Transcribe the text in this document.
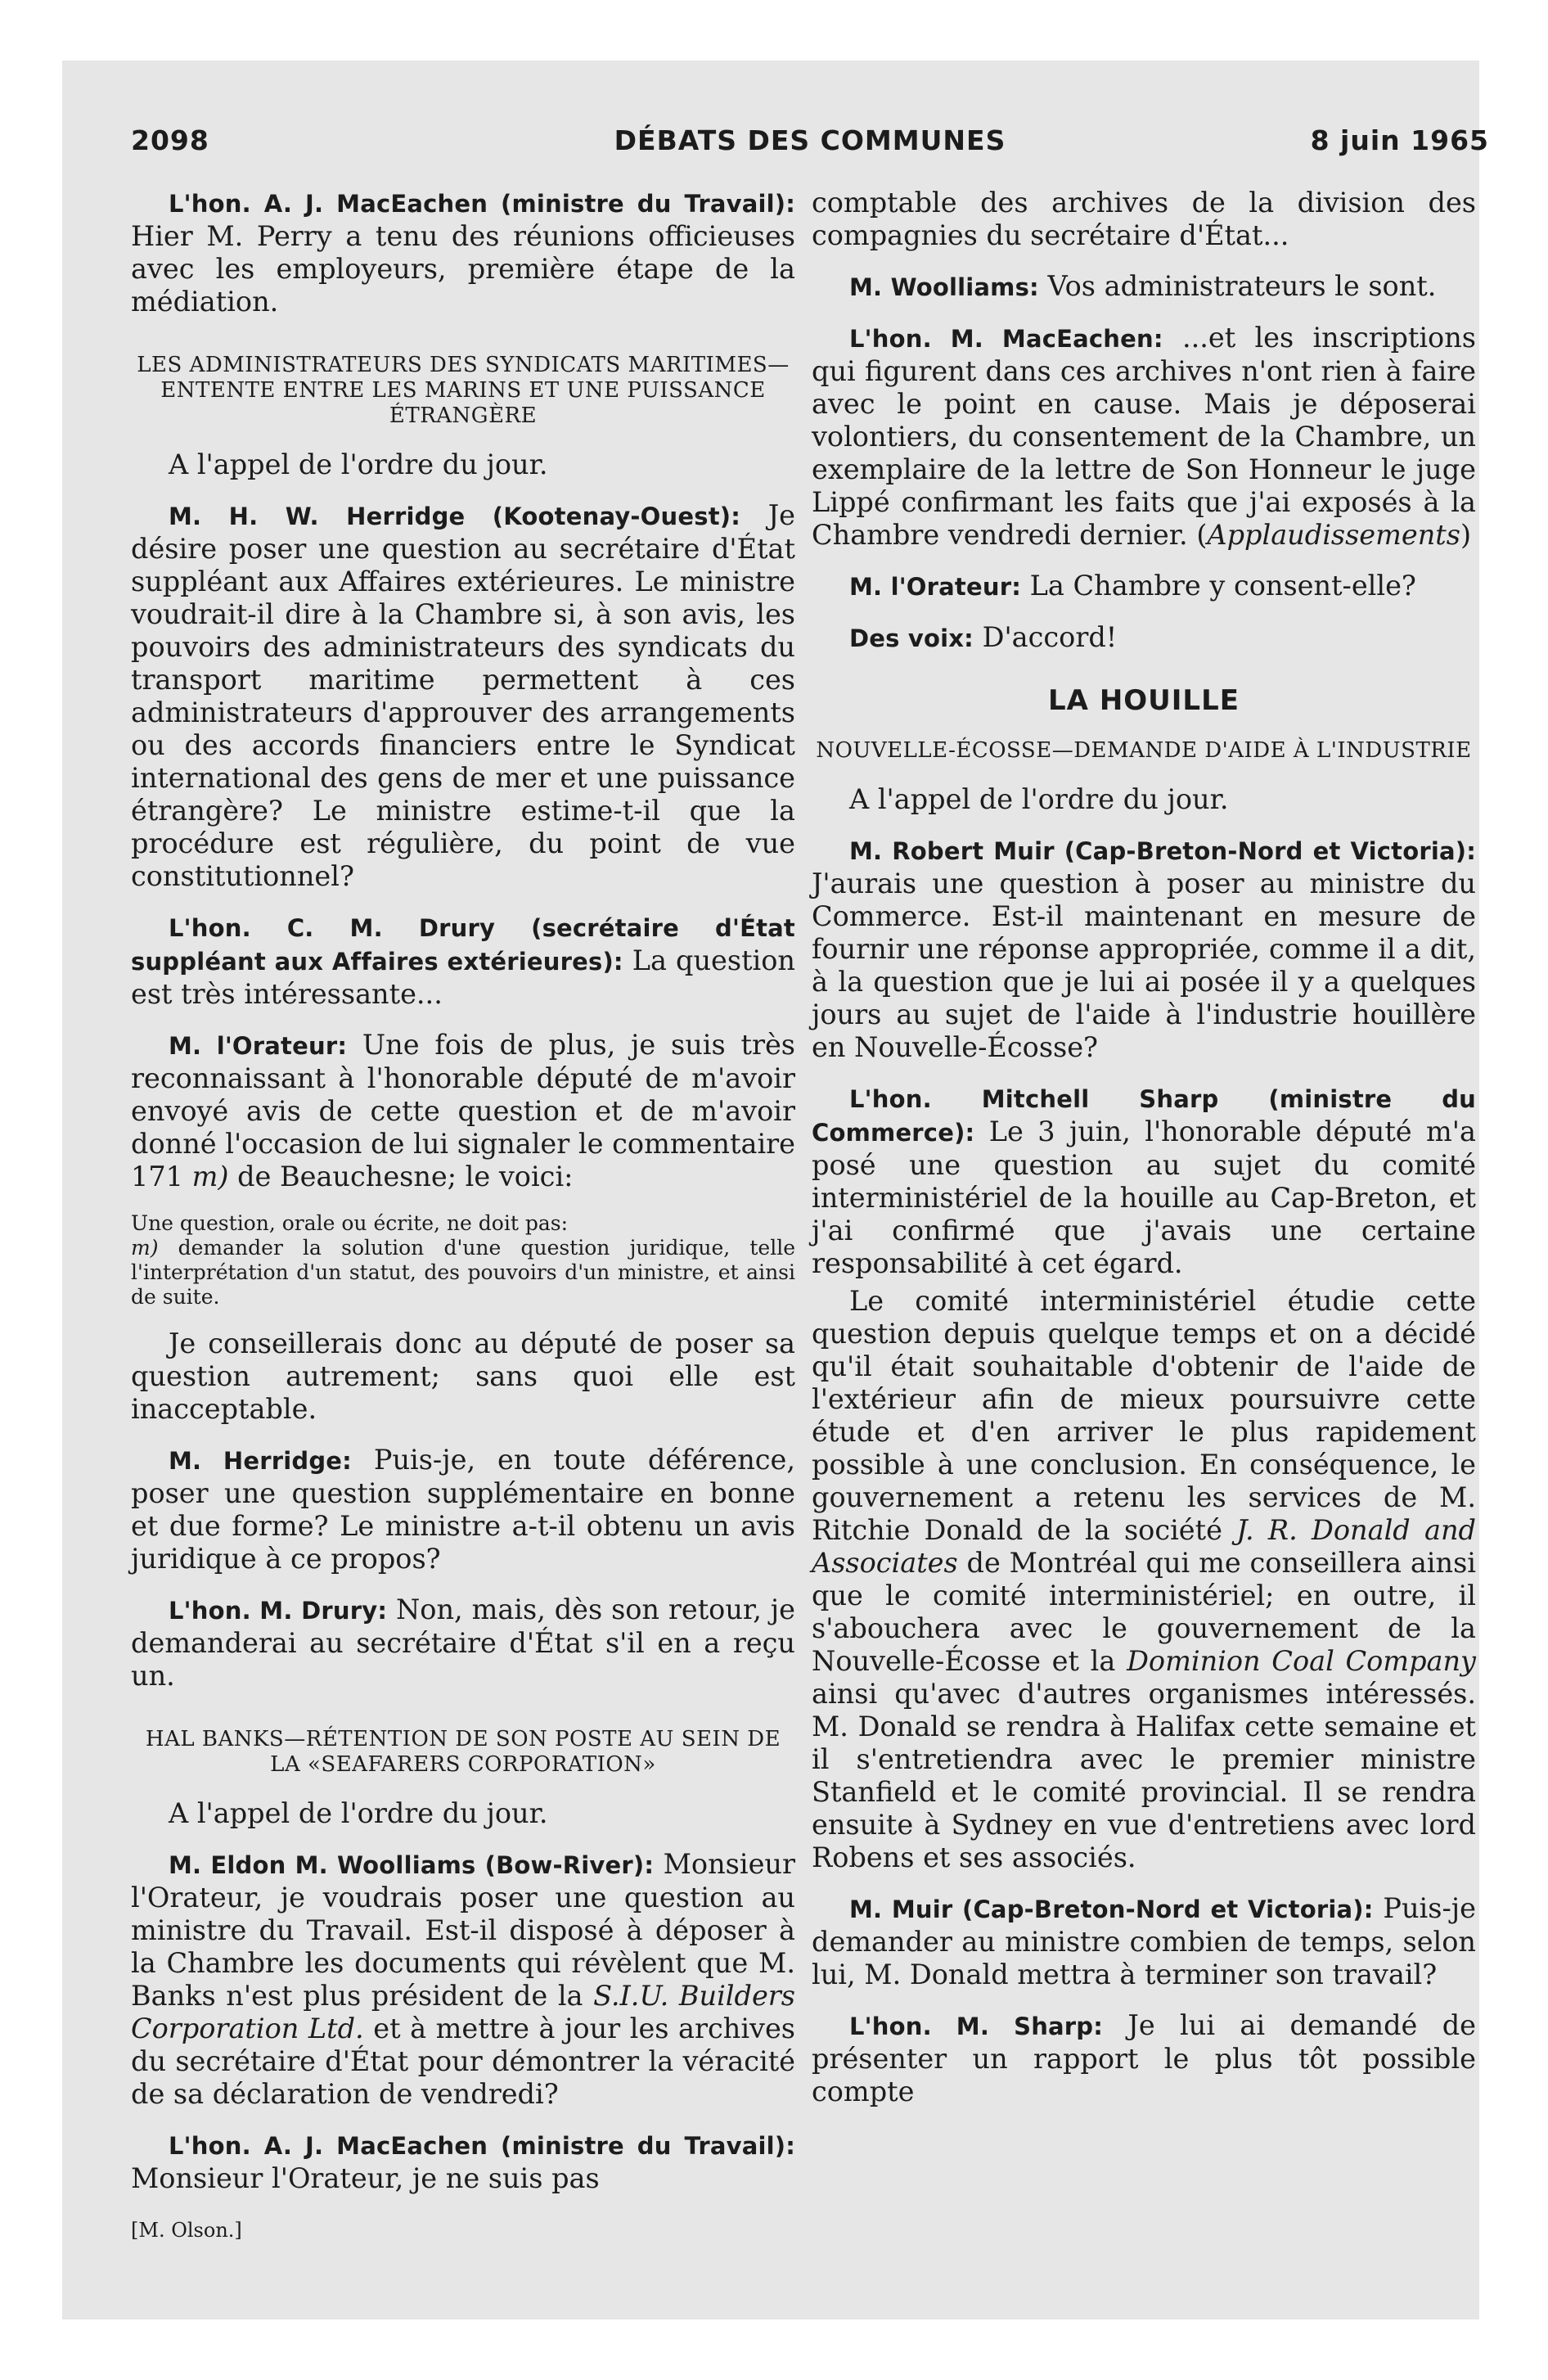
2098	DÉBATS DES COMMUNES	8 juin 1965

L'hon. A. J. MacEachen (ministre du Travail): Hier M. Perry a tenu des réunions officieuses avec les employeurs, première étape de la médiation.

LES ADMINISTRATEURS DES SYNDICATS MARITIMES—ENTENTE ENTRE LES MARINS ET UNE PUISSANCE ÉTRANGÈRE

A l'appel de l'ordre du jour.

M. H. W. Herridge (Kootenay-Ouest): Je désire poser une question au secrétaire d'État suppléant aux Affaires extérieures. Le ministre voudrait-il dire à la Chambre si, à son avis, les pouvoirs des administrateurs des syndicats du transport maritime permettent à ces administrateurs d'approuver des arrangements ou des accords financiers entre le Syndicat international des gens de mer et une puissance étrangère? Le ministre estime-t-il que la procédure est régulière, du point de vue constitutionnel?

L'hon. C. M. Drury (secrétaire d'État suppléant aux Affaires extérieures): La question est très intéressante...

M. l'Orateur: Une fois de plus, je suis très reconnaissant à l'honorable député de m'avoir envoyé avis de cette question et de m'avoir donné l'occasion de lui signaler le commentaire 171 m) de Beauchesne; le voici:

Une question, orale ou écrite, ne doit pas:

m) demander la solution d'une question juridique, telle l'interprétation d'un statut, des pouvoirs d'un ministre, et ainsi de suite.

Je conseillerais donc au député de poser sa question autrement; sans quoi elle est inacceptable.

M. Herridge: Puis-je, en toute déférence, poser une question supplémentaire en bonne et due forme? Le ministre a-t-il obtenu un avis juridique à ce propos?

L'hon. M. Drury: Non, mais, dès son retour, je demanderai au secrétaire d'État s'il en a reçu un.

HAL BANKS—RÉTENTION DE SON POSTE AU SEIN DE LA «SEAFARERS CORPORATION»

A l'appel de l'ordre du jour.

M. Eldon M. Woolliams (Bow-River): Monsieur l'Orateur, je voudrais poser une question au ministre du Travail. Est-il disposé à déposer à la Chambre les documents qui révèlent que M. Banks n'est plus président de la S.I.U. Builders Corporation Ltd. et à mettre à jour les archives du secrétaire d'État pour démontrer la véracité de sa déclaration de vendredi?

L'hon. A. J. MacEachen (ministre du Travail): Monsieur l'Orateur, je ne suis pas

[M. Olson.]

comptable des archives de la division des compagnies du secrétaire d'État...

M. Woolliams: Vos administrateurs le sont.

L'hon. M. MacEachen: ...et les inscriptions qui figurent dans ces archives n'ont rien à faire avec le point en cause. Mais je déposerai volontiers, du consentement de la Chambre, un exemplaire de la lettre de Son Honneur le juge Lippé confirmant les faits que j'ai exposés à la Chambre vendredi dernier. (Applaudissements)

M. l'Orateur: La Chambre y consent-elle?

Des voix: D'accord!

LA HOUILLE

NOUVELLE-ÉCOSSE—DEMANDE D'AIDE À L'INDUSTRIE

A l'appel de l'ordre du jour.

M. Robert Muir (Cap-Breton-Nord et Victoria): J'aurais une question à poser au ministre du Commerce. Est-il maintenant en mesure de fournir une réponse appropriée, comme il a dit, à la question que je lui ai posée il y a quelques jours au sujet de l'aide à l'industrie houillère en Nouvelle-Écosse?

L'hon. Mitchell Sharp (ministre du Commerce): Le 3 juin, l'honorable député m'a posé une question au sujet du comité interministériel de la houille au Cap-Breton, et j'ai confirmé que j'avais une certaine responsabilité à cet égard.

Le comité interministériel étudie cette question depuis quelque temps et on a décidé qu'il était souhaitable d'obtenir de l'aide de l'extérieur afin de mieux poursuivre cette étude et d'en arriver le plus rapidement possible à une conclusion. En conséquence, le gouvernement a retenu les services de M. Ritchie Donald de la société J. R. Donald and Associates de Montréal qui me conseillera ainsi que le comité interministériel; en outre, il s'abouchera avec le gouvernement de la Nouvelle-Écosse et la Dominion Coal Company ainsi qu'avec d'autres organismes intéressés. M. Donald se rendra à Halifax cette semaine et il s'entretiendra avec le premier ministre Stanfield et le comité provincial. Il se rendra ensuite à Sydney en vue d'entretiens avec lord Robens et ses associés.

M. Muir (Cap-Breton-Nord et Victoria): Puis-je demander au ministre combien de temps, selon lui, M. Donald mettra à terminer son travail?

L'hon. M. Sharp: Je lui ai demandé de présenter un rapport le plus tôt possible compte
